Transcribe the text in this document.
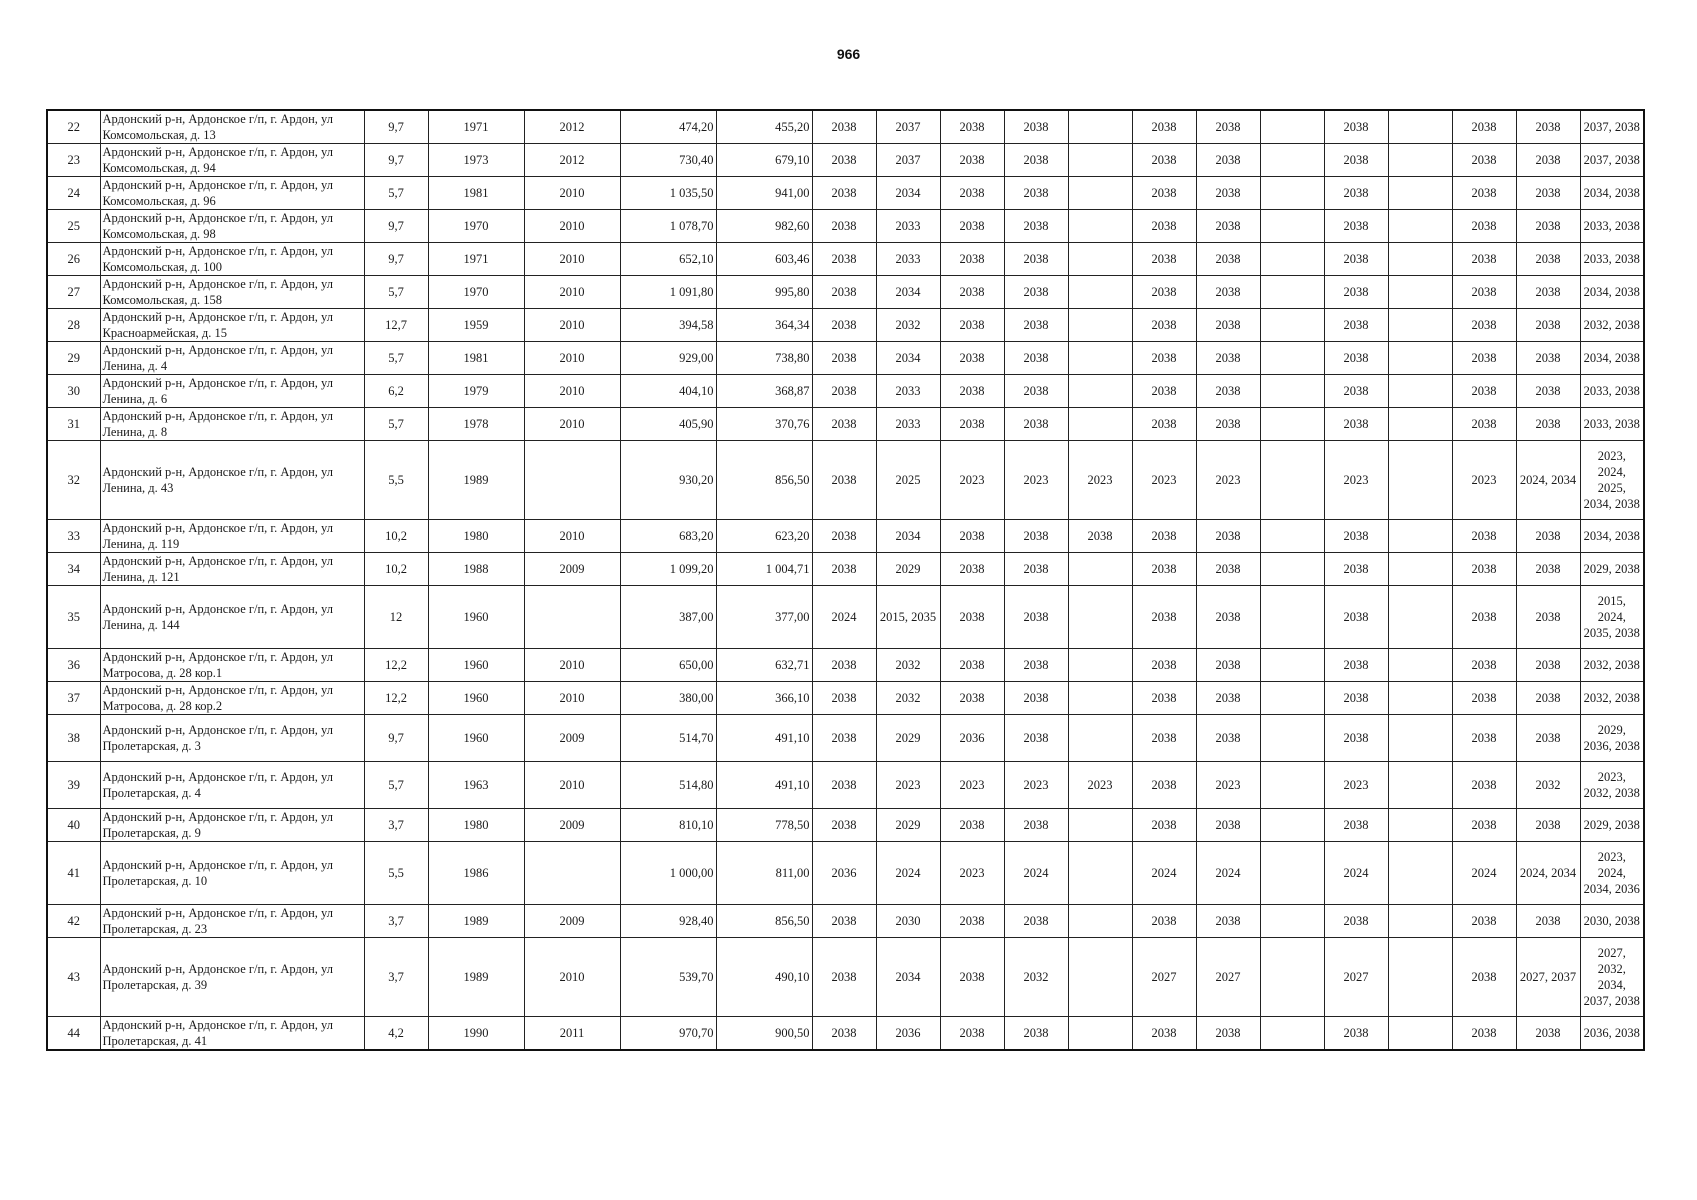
966
22	Ардонский р-н, Ардонское г/п, г. Ардон, ул Комсомольская, д. 13	9,7	1971	2012	474,20	455,20	2038	2037	2038	2038		2038	2038		2038		2038	2038	2037, 2038
23	Ардонский р-н, Ардонское г/п, г. Ардон, ул Комсомольская, д. 94	9,7	1973	2012	730,40	679,10	2038	2037	2038	2038		2038	2038		2038		2038	2038	2037, 2038
24	Ардонский р-н, Ардонское г/п, г. Ардон, ул Комсомольская, д. 96	5,7	1981	2010	1 035,50	941,00	2038	2034	2038	2038		2038	2038		2038		2038	2038	2034, 2038
25	Ардонский р-н, Ардонское г/п, г. Ардон, ул Комсомольская, д. 98	9,7	1970	2010	1 078,70	982,60	2038	2033	2038	2038		2038	2038		2038		2038	2038	2033, 2038
26	Ардонский р-н, Ардонское г/п, г. Ардон, ул Комсомольская, д. 100	9,7	1971	2010	652,10	603,46	2038	2033	2038	2038		2038	2038		2038		2038	2038	2033, 2038
27	Ардонский р-н, Ардонское г/п, г. Ардон, ул Комсомольская, д. 158	5,7	1970	2010	1 091,80	995,80	2038	2034	2038	2038		2038	2038		2038		2038	2038	2034, 2038
28	Ардонский р-н, Ардонское г/п, г. Ардон, ул Красноармейская, д. 15	12,7	1959	2010	394,58	364,34	2038	2032	2038	2038		2038	2038		2038		2038	2038	2032, 2038
29	Ардонский р-н, Ардонское г/п, г. Ардон, ул Ленина, д. 4	5,7	1981	2010	929,00	738,80	2038	2034	2038	2038		2038	2038		2038		2038	2038	2034, 2038
30	Ардонский р-н, Ардонское г/п, г. Ардон, ул Ленина, д. 6	6,2	1979	2010	404,10	368,87	2038	2033	2038	2038		2038	2038		2038		2038	2038	2033, 2038
31	Ардонский р-н, Ардонское г/п, г. Ардон, ул Ленина, д. 8	5,7	1978	2010	405,90	370,76	2038	2033	2038	2038		2038	2038		2038		2038	2038	2033, 2038
32	Ардонский р-н, Ардонское г/п, г. Ардон, ул Ленина, д. 43	5,5	1989		930,20	856,50	2038	2025	2023	2023	2023	2023	2023		2023		2023	2024, 2034	2023, 2024, 2025, 2034, 2038
33	Ардонский р-н, Ардонское г/п, г. Ардон, ул Ленина, д. 119	10,2	1980	2010	683,20	623,20	2038	2034	2038	2038	2038	2038	2038		2038		2038	2038	2034, 2038
34	Ардонский р-н, Ардонское г/п, г. Ардон, ул Ленина, д. 121	10,2	1988	2009	1 099,20	1 004,71	2038	2029	2038	2038		2038	2038		2038		2038	2038	2029, 2038
35	Ардонский р-н, Ардонское г/п, г. Ардон, ул Ленина, д. 144	12	1960		387,00	377,00	2024	2015, 2035	2038	2038		2038	2038		2038		2038	2038	2015, 2024, 2035, 2038
36	Ардонский р-н, Ардонское г/п, г. Ардон, ул Матросова, д. 28 кор.1	12,2	1960	2010	650,00	632,71	2038	2032	2038	2038		2038	2038		2038		2038	2038	2032, 2038
37	Ардонский р-н, Ардонское г/п, г. Ардон, ул Матросова, д. 28 кор.2	12,2	1960	2010	380,00	366,10	2038	2032	2038	2038		2038	2038		2038		2038	2038	2032, 2038
38	Ардонский р-н, Ардонское г/п, г. Ардон, ул Пролетарская, д. 3	9,7	1960	2009	514,70	491,10	2038	2029	2036	2038		2038	2038		2038		2038	2038	2029, 2036, 2038
39	Ардонский р-н, Ардонское г/п, г. Ардон, ул Пролетарская, д. 4	5,7	1963	2010	514,80	491,10	2038	2023	2023	2023	2023	2038	2023		2023		2038	2032	2023, 2032, 2038
40	Ардонский р-н, Ардонское г/п, г. Ардон, ул Пролетарская, д. 9	3,7	1980	2009	810,10	778,50	2038	2029	2038	2038		2038	2038		2038		2038	2038	2029, 2038
41	Ардонский р-н, Ардонское г/п, г. Ардон, ул Пролетарская, д. 10	5,5	1986		1 000,00	811,00	2036	2024	2023	2024		2024	2024		2024		2024	2024, 2034	2023, 2024, 2034, 2036
42	Ардонский р-н, Ардонское г/п, г. Ардон, ул Пролетарская, д. 23	3,7	1989	2009	928,40	856,50	2038	2030	2038	2038		2038	2038		2038		2038	2038	2030, 2038
43	Ардонский р-н, Ардонское г/п, г. Ардон, ул Пролетарская, д. 39	3,7	1989	2010	539,70	490,10	2038	2034	2038	2032		2027	2027		2027		2038	2027, 2037	2027, 2032, 2034, 2037, 2038
44	Ардонский р-н, Ардонское г/п, г. Ардон, ул Пролетарская, д. 41	4,2	1990	2011	970,70	900,50	2038	2036	2038	2038		2038	2038		2038		2038	2038	2036, 2038
